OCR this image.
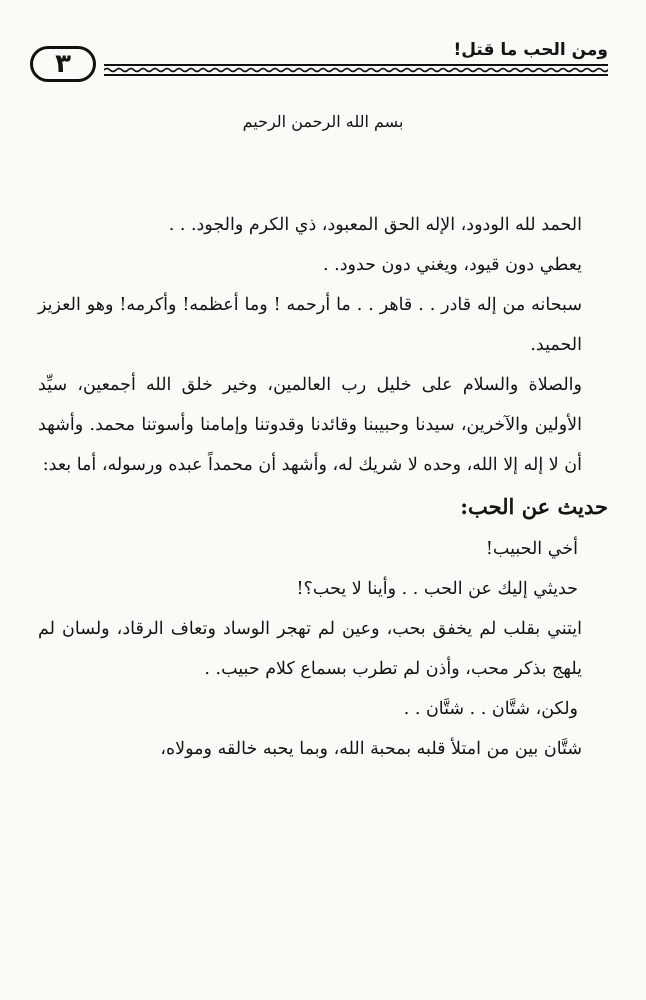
٣	ومن الحب ما قتل!

بسم الله الرحمن الرحيم

الحمد لله الودود، الإله الحق المعبود، ذي الكرم والجود. . .

يعطي دون قيود، ويغني دون حدود. .

سبحانه من إله قادر . . قاهر . . ما أرحمه ! وما أعظمه! وأكرمه! وهو العزيز الحميد.

والصلاة والسلام على خليل رب العالمين، وخير خلق الله أجمعين، سيِّد الأولين والآخرين، سيدنا وحبيبنا وقائدنا وقدوتنا وإمامنا وأسوتنا محمد. وأشهد أن لا إله إلا الله، وحده لا شريك له، وأشهد أن محمداً عبده ورسوله، أما بعد:

حديث عن الحب:

أخي الحبيب!

حديثي إليك عن الحب . . وأينا لا يحب؟!

ايتني بقلب لم يخفق بحب، وعين لم تهجر الوساد وتعاف الرقاد، ولسان لم يلهج بذكر محب، وأذن لم تطرب بسماع كلام حبيب. .

ولكن، شتَّان . . شتَّان . .

شتَّان بين من امتلأ قلبه بمحبة الله، وبما يحبه خالقه ومولاه،
